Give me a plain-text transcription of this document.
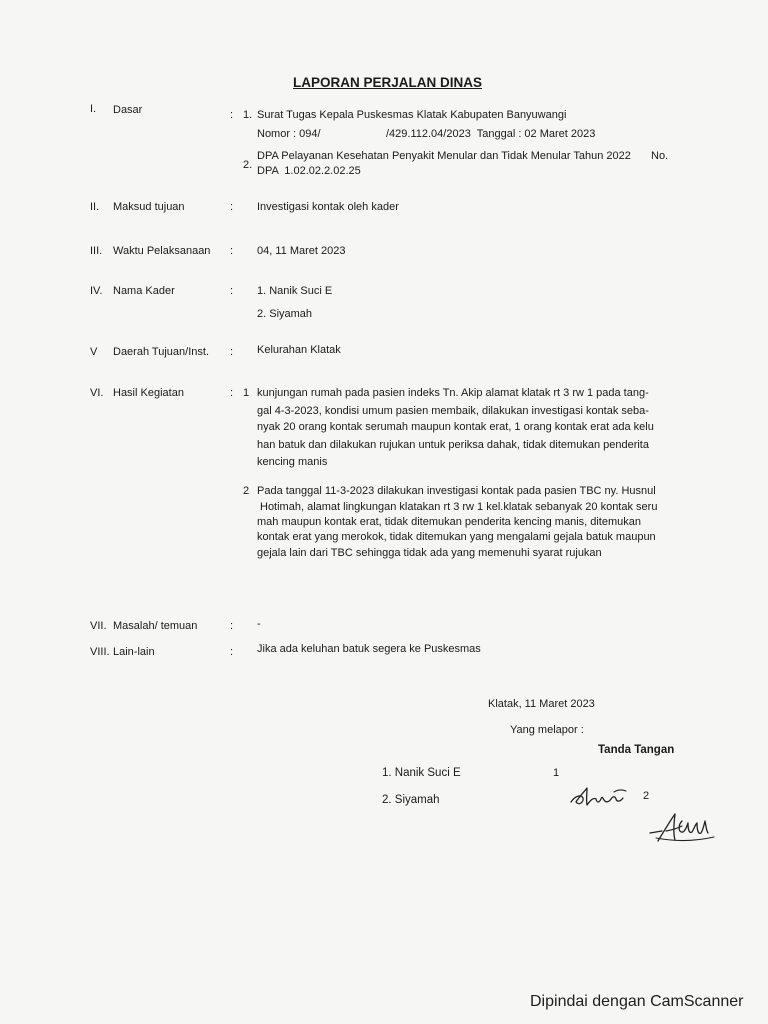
LAPORAN PERJALAN DINAS
I. Dasar	: 1. Surat Tugas Kepala Puskesmas Klatak Kabupaten Banyuwangi
Nomor : 094/	/429.112.04/2023  Tanggal : 02 Maret 2023
2.
DPA Pelayanan Kesehatan Penyakit Menular dan Tidak Menular Tahun 2022 No.
DPA  1.02.02.2.02.25
II. Maksud tujuan	: Investigasi kontak oleh kader
III. Waktu Pelaksanaan : 04, 11 Maret 2023
IV. Nama Kader	: 1. Nanik Suci E
2. Siyamah
V Daerah Tujuan/Inst. : Kelurahan Klatak
VI. Hasil Kegiatan	: 1 kunjungan rumah pada pasien indeks Tn. Akip alamat klatak rt 3 rw 1 pada tang-
gal 4-3-2023, kondisi umum pasien membaik, dilakukan investigasi kontak seba-
nyak 20 orang kontak serumah maupun kontak erat, 1 orang kontak erat ada kelu
han batuk dan dilakukan rujukan untuk periksa dahak, tidak ditemukan penderita
kencing manis
2 Pada tanggal 11-3-2023 dilakukan investigasi kontak pada pasien TBC ny. Husnul
Hotimah, alamat lingkungan klatakan rt 3 rw 1 kel.klatak sebanyak 20 kontak seru
mah maupun kontak erat, tidak ditemukan penderita kencing manis, ditemukan
kontak erat yang merokok, tidak ditemukan yang mengalami gejala batuk maupun
gejala lain dari TBC sehingga tidak ada yang memenuhi syarat rujukan
VII. Masalah/ temuan	: -
VIII. Lain-lain	: Jika ada keluhan batuk segera ke Puskesmas
Klatak, 11 Maret 2023
Yang melapor :
Tanda Tangan
1. Nanik Suci E	1

2. Siyamah	2

Dipindai dengan CamScanner
